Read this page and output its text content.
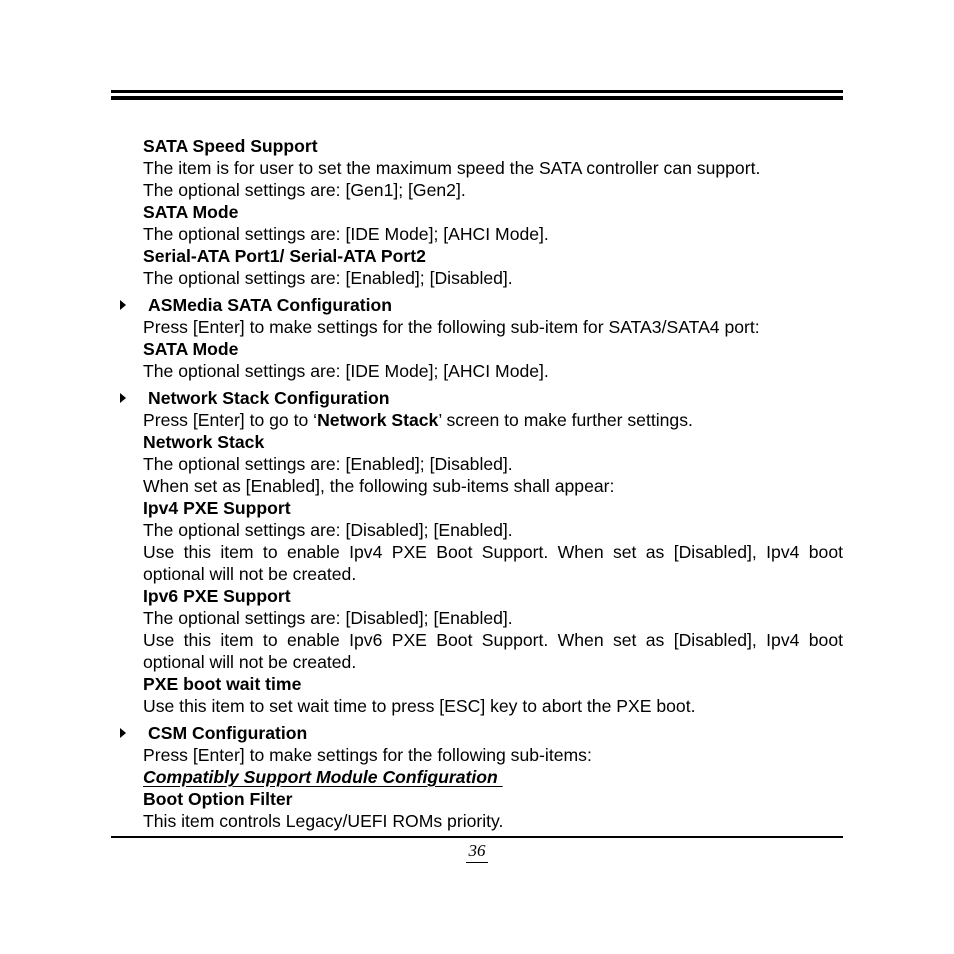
SATA Speed Support
The item is for user to set the maximum speed the SATA controller can support.
The optional settings are: [Gen1]; [Gen2].
SATA Mode
The optional settings are: [IDE Mode]; [AHCI Mode].
Serial-ATA Port1/ Serial-ATA Port2
The optional settings are: [Enabled]; [Disabled].
ASMedia SATA Configuration
Press [Enter] to make settings for the following sub-item for SATA3/SATA4 port:
SATA Mode
The optional settings are: [IDE Mode]; [AHCI Mode].
Network Stack Configuration
Press [Enter] to go to ‘Network Stack’ screen to make further settings.
Network Stack
The optional settings are: [Enabled]; [Disabled].
When set as [Enabled], the following sub-items shall appear:
Ipv4 PXE Support
The optional settings are: [Disabled]; [Enabled].
Use this item to enable Ipv4 PXE Boot Support. When set as [Disabled], Ipv4 boot optional will not be created.
Ipv6 PXE Support
The optional settings are: [Disabled]; [Enabled].
Use this item to enable Ipv6 PXE Boot Support. When set as [Disabled], Ipv4 boot optional will not be created.
PXE boot wait time
Use this item to set wait time to press [ESC] key to abort the PXE boot.
CSM Configuration
Press [Enter] to make settings for the following sub-items:
Compatibly Support Module Configuration
Boot Option Filter
This item controls Legacy/UEFI ROMs priority.
36
